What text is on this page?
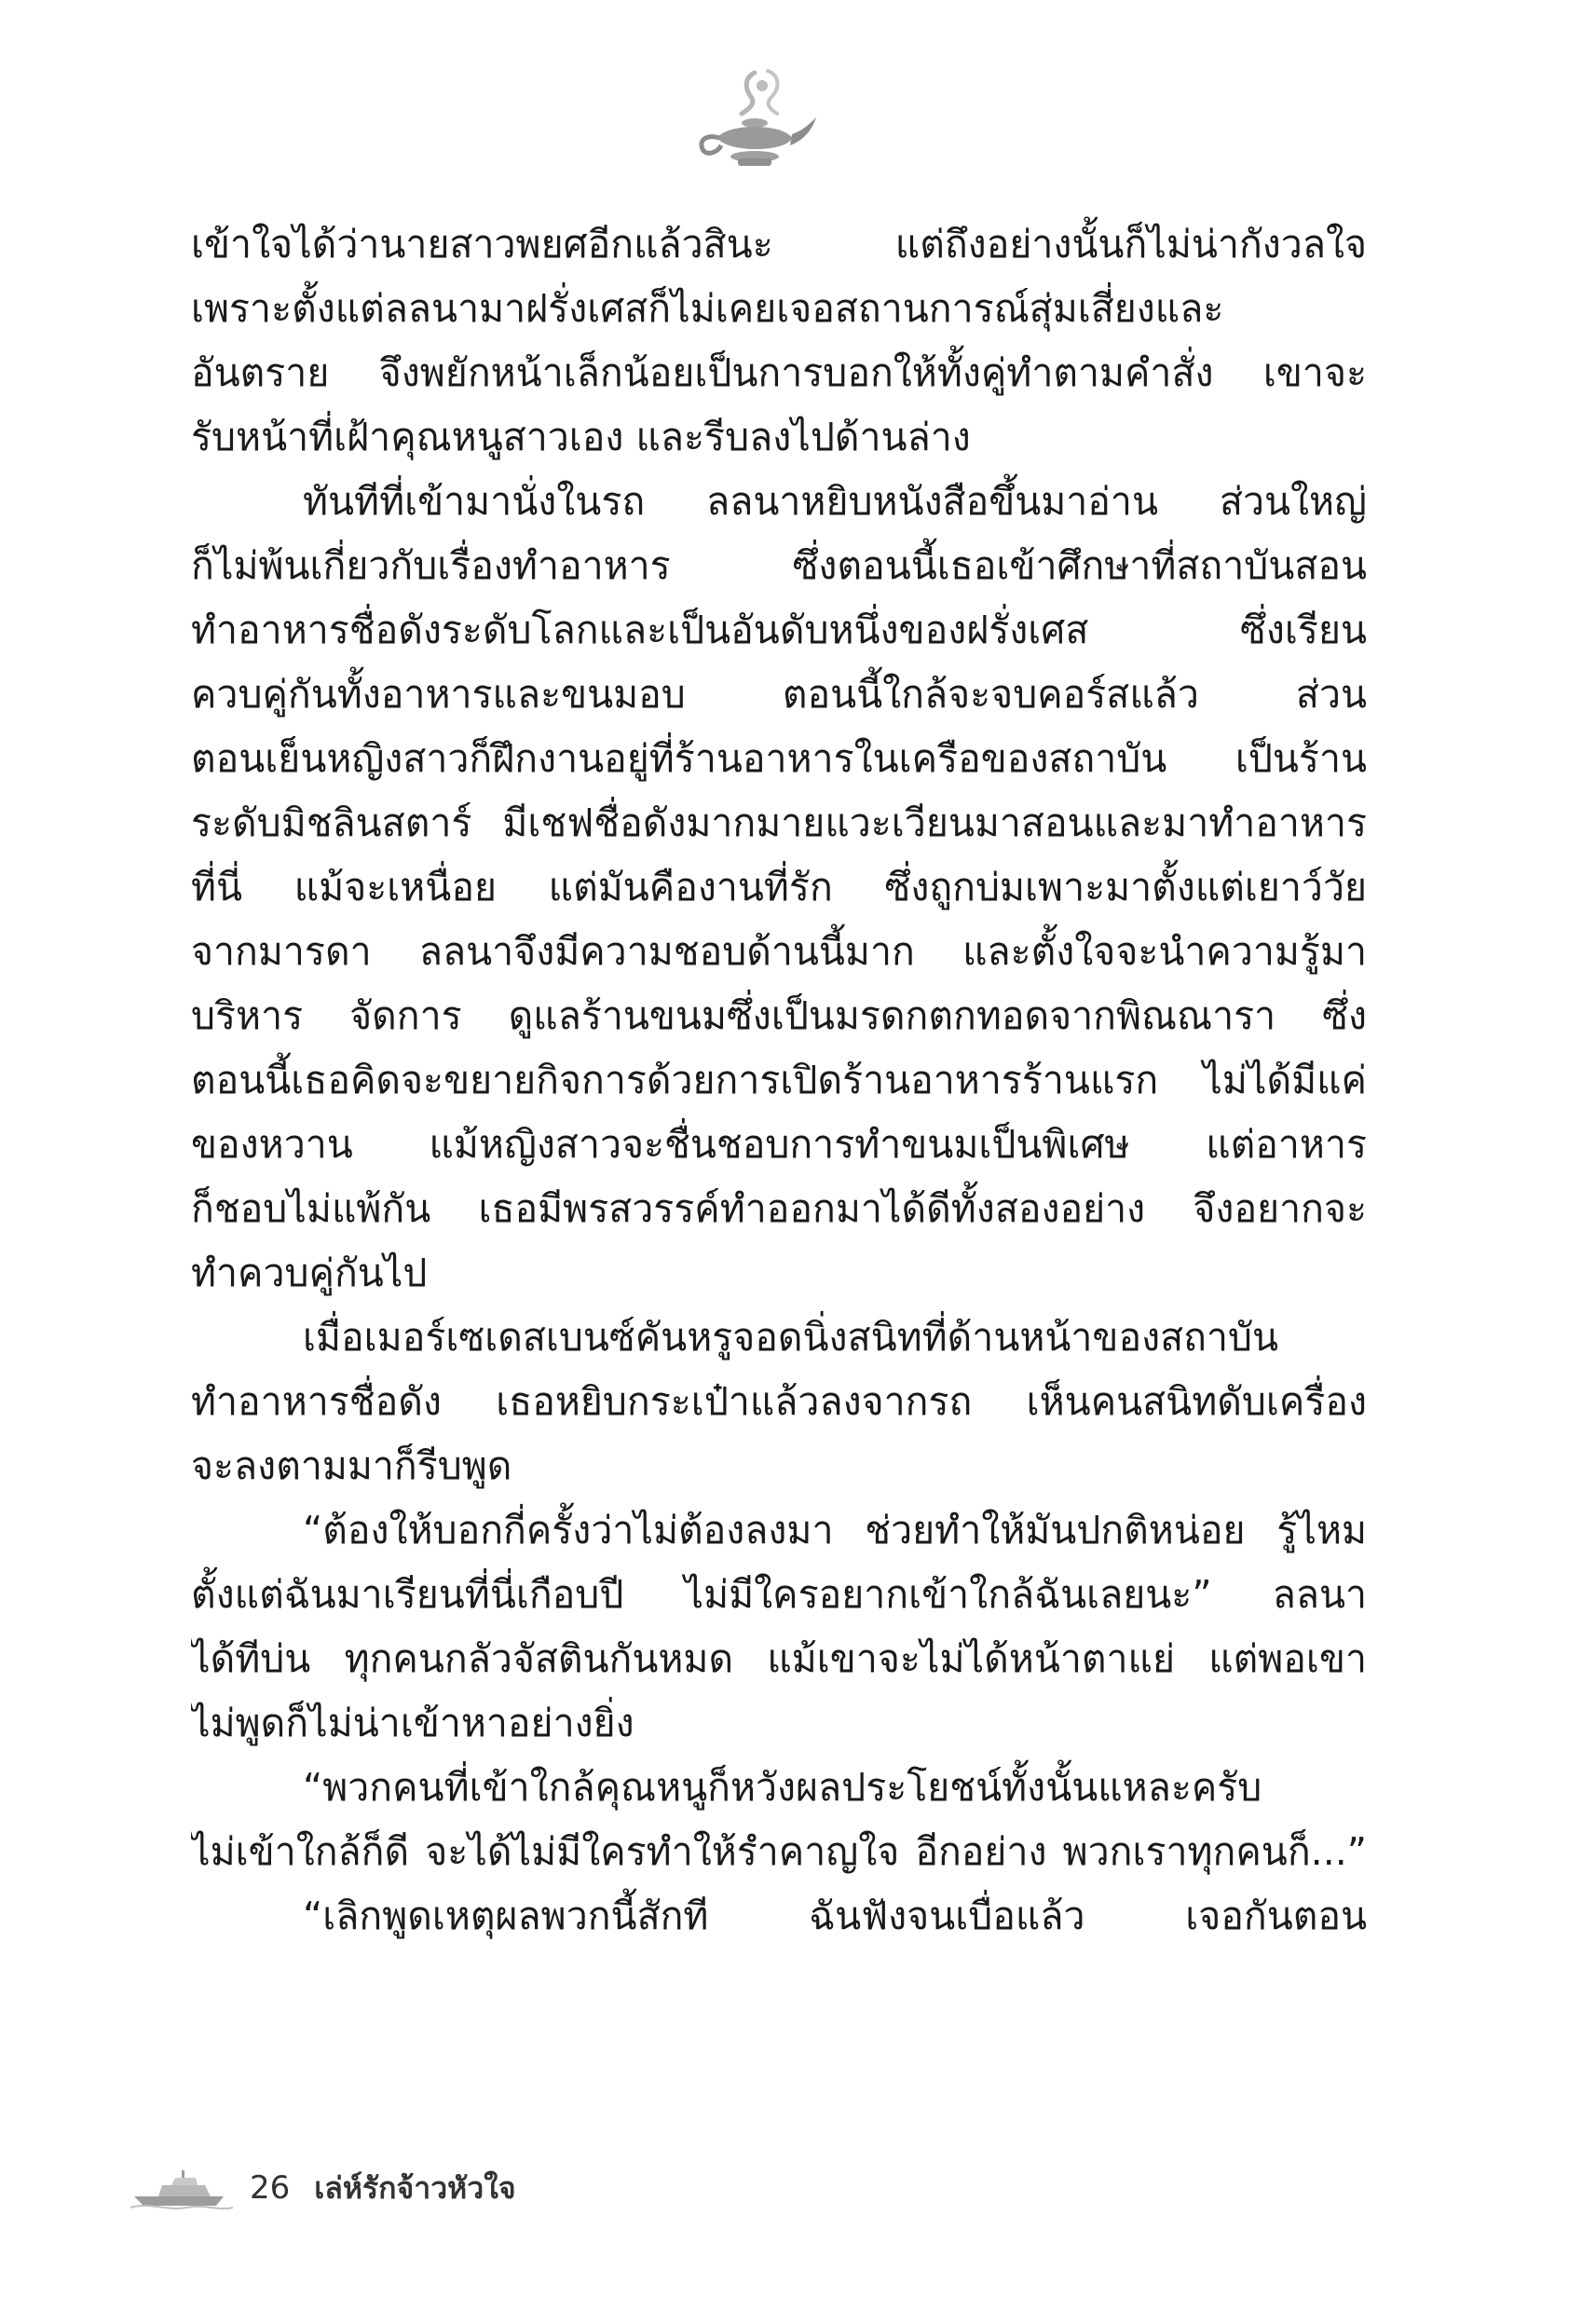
เข้าใจได้ว่านายสาวพยศอีกแล้วสินะ แต่ถึงอย่างนั้นก็ไม่น่ากังวลใจ
เพราะตั้งแต่ลลนามาฝรั่งเศสก็ไม่เคยเจอสถานการณ์สุ่มเสี่ยงและ
อันตราย จึงพยักหน้าเล็กน้อยเป็นการบอกให้ทั้งคู่ทำตามคำสั่ง เขาจะ
รับหน้าที่เฝ้าคุณหนูสาวเอง และรีบลงไปด้านล่าง
ทันทีที่เข้ามานั่งในรถ ลลนาหยิบหนังสือขึ้นมาอ่าน ส่วนใหญ่
ก็ไม่พ้นเกี่ยวกับเรื่องทำอาหาร ซึ่งตอนนี้เธอเข้าศึกษาที่สถาบันสอน
ทำอาหารชื่อดังระดับโลกและเป็นอันดับหนึ่งของฝรั่งเศส ซึ่งเรียน
ควบคู่กันทั้งอาหารและขนมอบ ตอนนี้ใกล้จะจบคอร์สแล้ว ส่วน
ตอนเย็นหญิงสาวก็ฝึกงานอยู่ที่ร้านอาหารในเครือของสถาบัน เป็นร้าน
ระดับมิชลินสตาร์ มีเชฟชื่อดังมากมายแวะเวียนมาสอนและมาทำอาหาร
ที่นี่ แม้จะเหนื่อย แต่มันคืองานที่รัก ซึ่งถูกบ่มเพาะมาตั้งแต่เยาว์วัย
จากมารดา ลลนาจึงมีความชอบด้านนี้มาก และตั้งใจจะนำความรู้มา
บริหาร จัดการ ดูแลร้านขนมซึ่งเป็นมรดกตกทอดจากพิณณารา ซึ่ง
ตอนนี้เธอคิดจะขยายกิจการด้วยการเปิดร้านอาหารร้านแรก ไม่ได้มีแค่
ของหวาน แม้หญิงสาวจะชื่นชอบการทำขนมเป็นพิเศษ แต่อาหาร
ก็ชอบไม่แพ้กัน เธอมีพรสวรรค์ทำออกมาได้ดีทั้งสองอย่าง จึงอยากจะ
ทำควบคู่กันไป
เมื่อเมอร์เซเดสเบนซ์คันหรูจอดนิ่งสนิทที่ด้านหน้าของสถาบัน
ทำอาหารชื่อดัง เธอหยิบกระเป๋าแล้วลงจากรถ เห็นคนสนิทดับเครื่อง
จะลงตามมาก็รีบพูด
“ต้องให้บอกกี่ครั้งว่าไม่ต้องลงมา ช่วยทำให้มันปกติหน่อย รู้ไหม
ตั้งแต่ฉันมาเรียนที่นี่เกือบปี ไม่มีใครอยากเข้าใกล้ฉันเลยนะ” ลลนา
ได้ทีบ่น ทุกคนกลัวจัสตินกันหมด แม้เขาจะไม่ได้หน้าตาแย่ แต่พอเขา
ไม่พูดก็ไม่น่าเข้าหาอย่างยิ่ง
“พวกคนที่เข้าใกล้คุณหนูก็หวังผลประโยชน์ทั้งนั้นแหละครับ
ไม่เข้าใกล้ก็ดี จะได้ไม่มีใครทำให้รำคาญใจ อีกอย่าง พวกเราทุกคนก็...”
“เลิกพูดเหตุผลพวกนี้สักที ฉันฟังจนเบื่อแล้ว เจอกันตอน
26 เล่ห์รักจ้าวหัวใจ
